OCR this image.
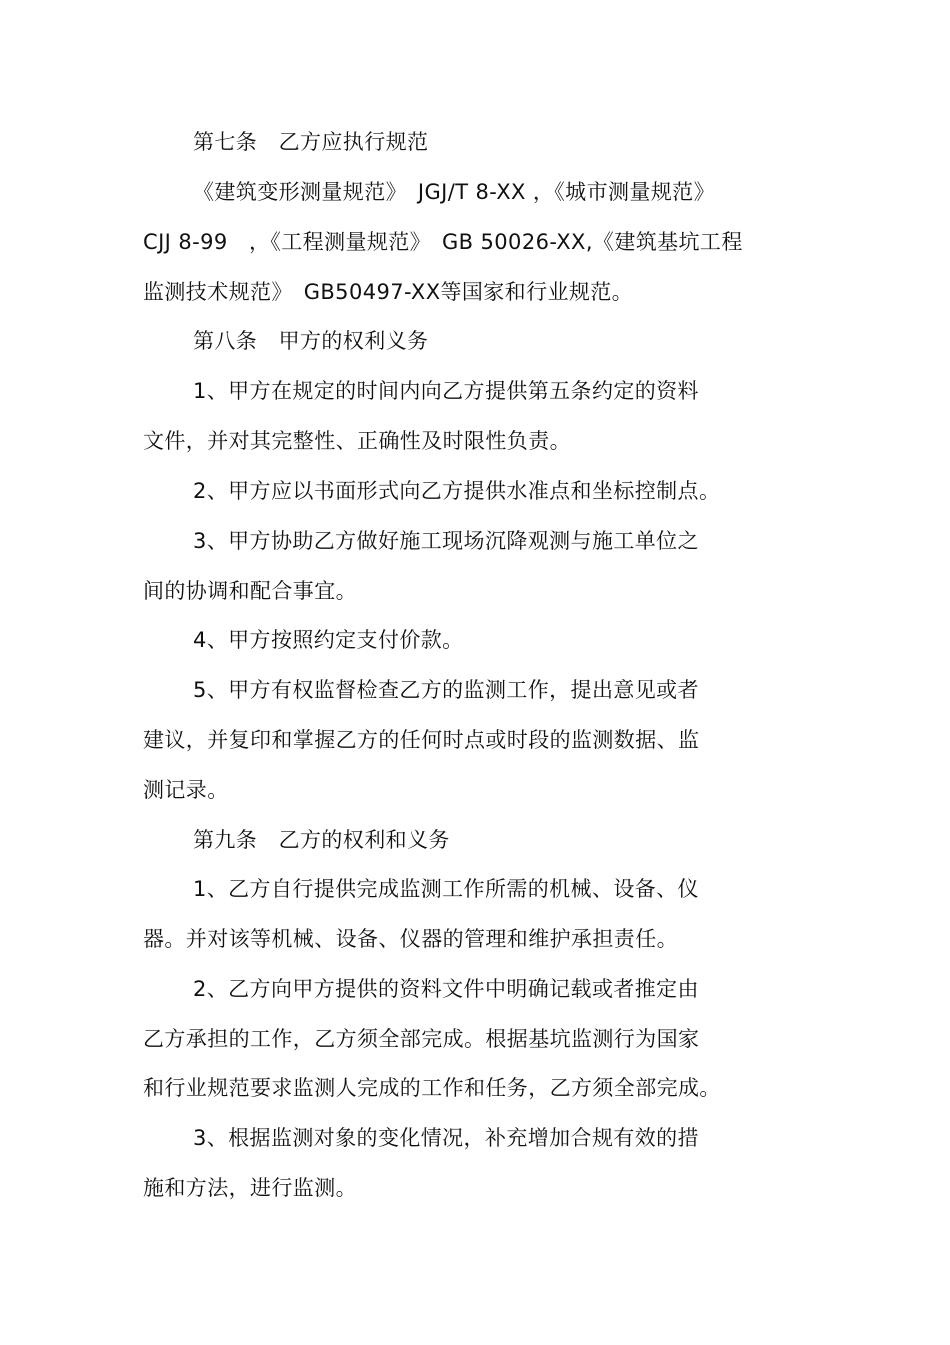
第七条　乙方应执行规范
《建筑变形测量规范》　JGJ/T 8-XX ，《城市测量规范》
CJJ 8-99　，《工程测量规范》　GB 50026-XX,《建筑基坑工程
监测技术规范》　GB50497-XX等国家和行业规范。
第八条　甲方的权利义务
1、甲方在规定的时间内向乙方提供第五条约定的资料
文件，并对其完整性、正确性及时限性负责。
2、甲方应以书面形式向乙方提供水准点和坐标控制点。
3、甲方协助乙方做好施工现场沉降观测与施工单位之
间的协调和配合事宜。
4、甲方按照约定支付价款。
5、甲方有权监督检查乙方的监测工作，提出意见或者
建议，并复印和掌握乙方的任何时点或时段的监测数据、监
测记录。
第九条　乙方的权利和义务
1、乙方自行提供完成监测工作所需的机械、设备、仪
器。并对该等机械、设备、仪器的管理和维护承担责任。
2、乙方向甲方提供的资料文件中明确记载或者推定由
乙方承担的工作，乙方须全部完成。根据基坑监测行为国家
和行业规范要求监测人完成的工作和任务，乙方须全部完成。
3、根据监测对象的变化情况，补充增加合规有效的措
施和方法，进行监测。
